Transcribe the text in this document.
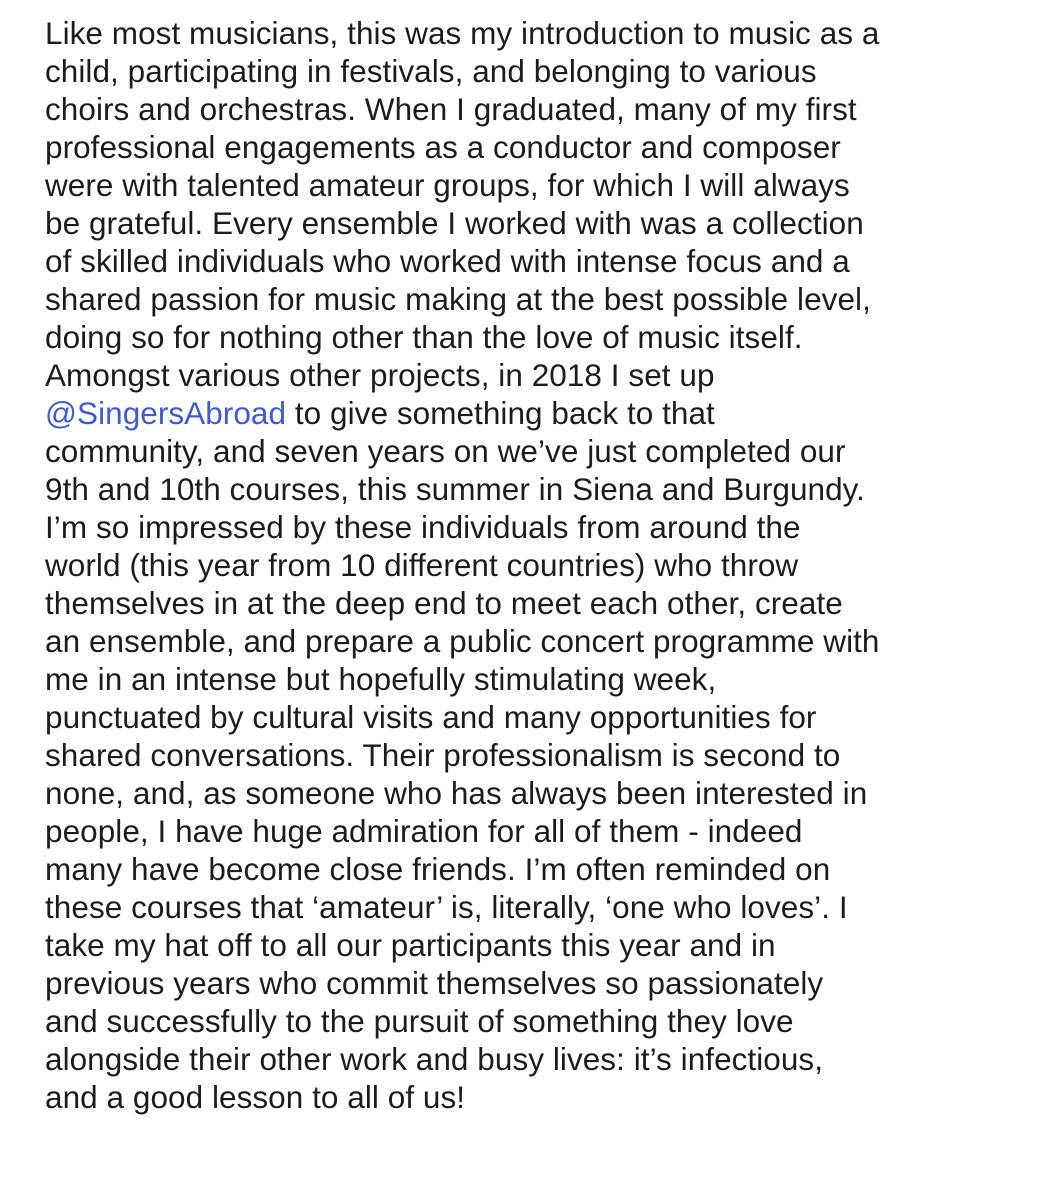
Like most musicians, this was my introduction to music as a
child, participating in festivals, and belonging to various
choirs and orchestras. When I graduated, many of my first
professional engagements as a conductor and composer
were with talented amateur groups, for which I will always
be grateful. Every ensemble I worked with was a collection
of skilled individuals who worked with intense focus and a
shared passion for music making at the best possible level,
doing so for nothing other than the love of music itself.
Amongst various other projects, in 2018 I set up
@SingersAbroad to give something back to that
community, and seven years on we’ve just completed our
9th and 10th courses, this summer in Siena and Burgundy.
I’m so impressed by these individuals from around the
world (this year from 10 different countries) who throw
themselves in at the deep end to meet each other, create
an ensemble, and prepare a public concert programme with
me in an intense but hopefully stimulating week,
punctuated by cultural visits and many opportunities for
shared conversations. Their professionalism is second to
none, and, as someone who has always been interested in
people, I have huge admiration for all of them - indeed
many have become close friends. I’m often reminded on
these courses that ‘amateur’ is, literally, ‘one who loves’. I
take my hat off to all our participants this year and in
previous years who commit themselves so passionately
and successfully to the pursuit of something they love
alongside their other work and busy lives: it’s infectious,
and a good lesson to all of us!
